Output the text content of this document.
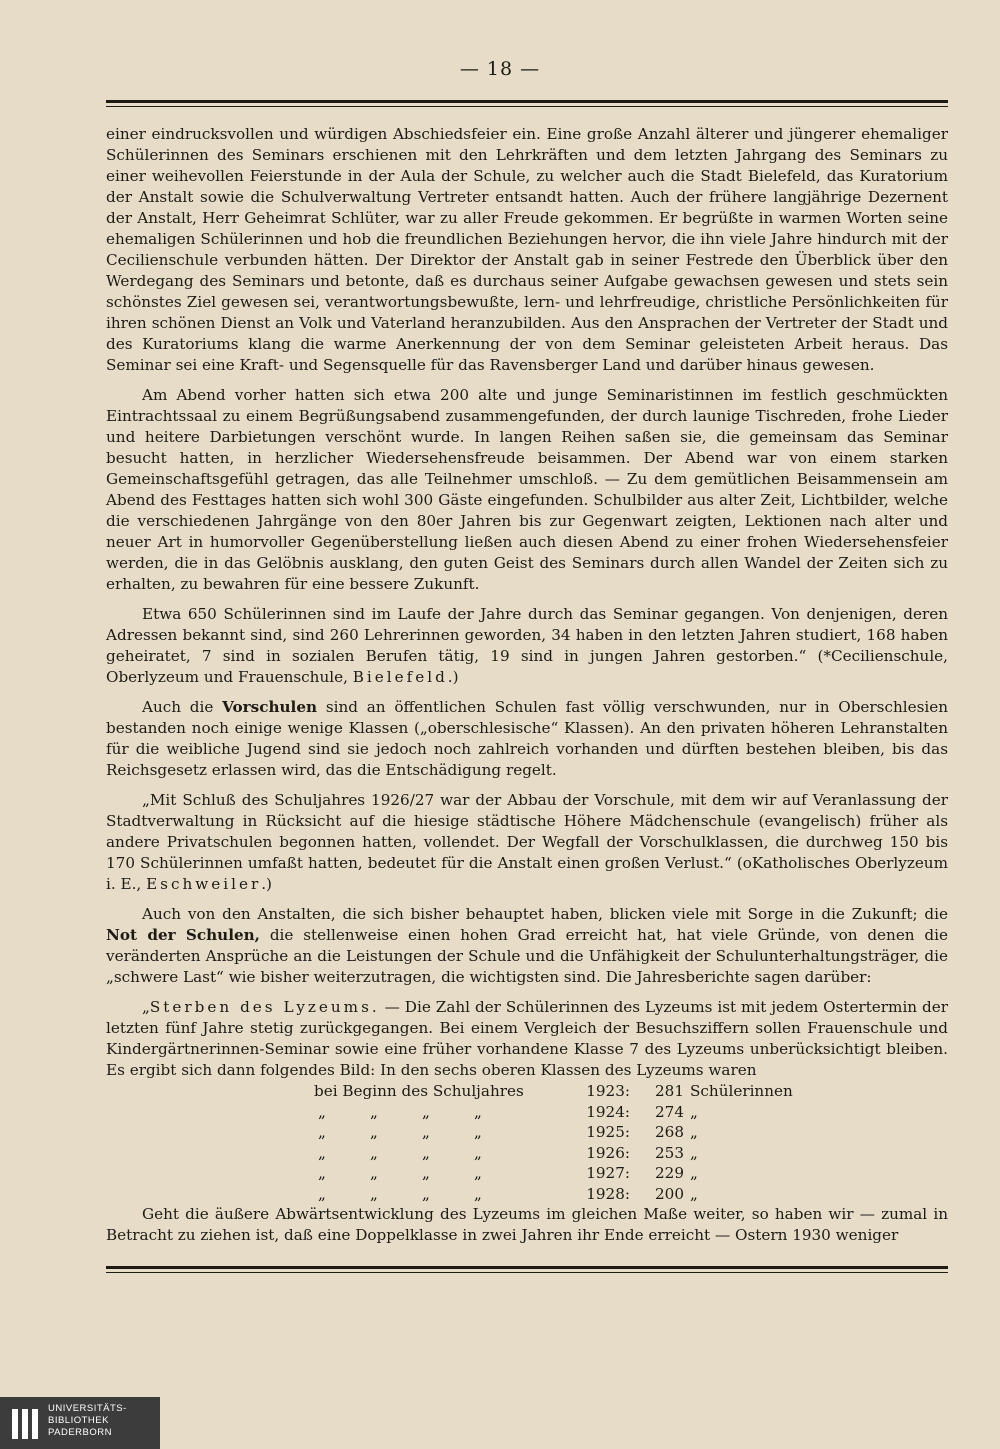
— 18 —

einer eindrucksvollen und würdigen Abschiedsfeier ein. Eine große Anzahl älterer und jüngerer ehemaliger Schülerinnen des Seminars erschienen mit den Lehrkräften und dem letzten Jahrgang des Seminars zu einer weihevollen Feierstunde in der Aula der Schule, zu welcher auch die Stadt Bielefeld, das Kuratorium der Anstalt sowie die Schulverwaltung Vertreter entsandt hatten. Auch der frühere langjährige Dezernent der Anstalt, Herr Geheimrat Schlüter, war zu aller Freude gekommen. Er begrüßte in warmen Worten seine ehemaligen Schülerinnen und hob die freundlichen Beziehungen hervor, die ihn viele Jahre hindurch mit der Cecilienschule verbunden hätten. Der Direktor der Anstalt gab in seiner Festrede den Überblick über den Werdegang des Seminars und betonte, daß es durchaus seiner Aufgabe gewachsen gewesen und stets sein schönstes Ziel gewesen sei, verantwortungsbewußte, lern- und lehrfreudige, christliche Persönlichkeiten für ihren schönen Dienst an Volk und Vaterland heranzubilden. Aus den Ansprachen der Vertreter der Stadt und des Kuratoriums klang die warme Anerkennung der von dem Seminar geleisteten Arbeit heraus. Das Seminar sei eine Kraft- und Segensquelle für das Ravensberger Land und darüber hinaus gewesen.

Am Abend vorher hatten sich etwa 200 alte und junge Seminaristinnen im festlich geschmückten Eintrachtssaal zu einem Begrüßungsabend zusammengefunden, der durch launige Tischreden, frohe Lieder und heitere Darbietungen verschönt wurde. In langen Reihen saßen sie, die gemeinsam das Seminar besucht hatten, in herzlicher Wiedersehensfreude beisammen. Der Abend war von einem starken Gemeinschaftsgefühl getragen, das alle Teilnehmer umschloß. — Zu dem gemütlichen Beisammensein am Abend des Festtages hatten sich wohl 300 Gäste eingefunden. Schulbilder aus alter Zeit, Lichtbilder, welche die verschiedenen Jahrgänge von den 80er Jahren bis zur Gegenwart zeigten, Lektionen nach alter und neuer Art in humorvoller Gegenüberstellung ließen auch diesen Abend zu einer frohen Wiedersehensfeier werden, die in das Gelöbnis ausklang, den guten Geist des Seminars durch allen Wandel der Zeiten sich zu erhalten, zu bewahren für eine bessere Zukunft.

Etwa 650 Schülerinnen sind im Laufe der Jahre durch das Seminar gegangen. Von denjenigen, deren Adressen bekannt sind, sind 260 Lehrerinnen geworden, 34 haben in den letzten Jahren studiert, 168 haben geheiratet, 7 sind in sozialen Berufen tätig, 19 sind in jungen Jahren gestorben.“ (*Cecilienschule, Oberlyzeum und Frauenschule, Bielefeld.)

Auch die Vorschulen sind an öffentlichen Schulen fast völlig verschwunden, nur in Oberschlesien bestanden noch einige wenige Klassen („oberschlesische“ Klassen). An den privaten höheren Lehranstalten für die weibliche Jugend sind sie jedoch noch zahlreich vorhanden und dürften bestehen bleiben, bis das Reichsgesetz erlassen wird, das die Entschädigung regelt.

„Mit Schluß des Schuljahres 1926/27 war der Abbau der Vorschule, mit dem wir auf Veranlassung der Stadtverwaltung in Rücksicht auf die hiesige städtische Höhere Mädchenschule (evangelisch) früher als andere Privatschulen begonnen hatten, vollendet. Der Wegfall der Vorschulklassen, die durchweg 150 bis 170 Schülerinnen umfaßt hatten, bedeutet für die Anstalt einen großen Verlust.“ (oKatholisches Oberlyzeum i. E., Eschweiler.)

Auch von den Anstalten, die sich bisher behauptet haben, blicken viele mit Sorge in die Zukunft; die Not der Schulen, die stellenweise einen hohen Grad erreicht hat, hat viele Gründe, von denen die veränderten Ansprüche an die Leistungen der Schule und die Unfähigkeit der Schulunterhaltungsträger, die „schwere Last“ wie bisher weiterzutragen, die wichtigsten sind. Die Jahresberichte sagen darüber:

„Sterben des Lyzeums. — Die Zahl der Schülerinnen des Lyzeums ist mit jedem Ostertermin der letzten fünf Jahre stetig zurückgegangen. Bei einem Vergleich der Besuchsziffern sollen Frauenschule und Kindergärtnerinnen-Seminar sowie eine früher vorhandene Klasse 7 des Lyzeums unberücksichtigt bleiben. Es ergibt sich dann folgendes Bild: In den sechs oberen Klassen des Lyzeums waren

bei Beginn des Schuljahres	1923:	281	Schülerinnen
„ „ „ „	1924:	274	„
„ „ „ „	1925:	268	„
„ „ „ „	1926:	253	„
„ „ „ „	1927:	229	„
„ „ „ „	1928:	200	„

Geht die äußere Abwärtsentwicklung des Lyzeums im gleichen Maße weiter, so haben wir — zumal in Betracht zu ziehen ist, daß eine Doppelklasse in zwei Jahren ihr Ende erreicht — Ostern 1930 weniger

UNIVERSITÄTS-
BIBLIOTHEK
PADERBORN
